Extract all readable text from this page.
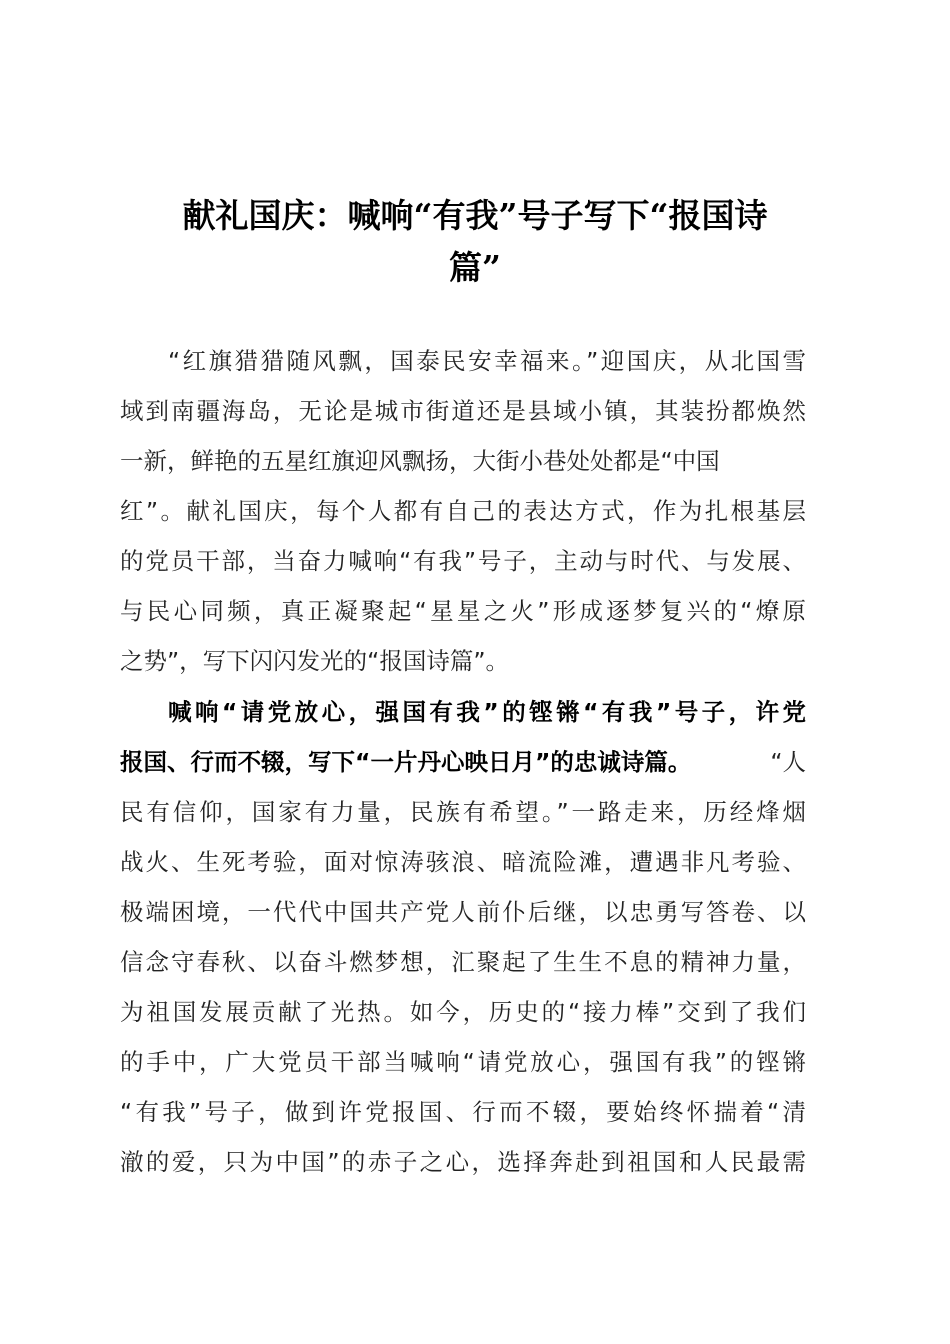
献礼国庆：喊响“有我”号子写下“报国诗
篇”
“红旗猎猎随风飘，国泰民安幸福来。”迎国庆，从北国雪
域到南疆海岛，无论是城市街道还是县域小镇，其装扮都焕然
一新，鲜艳的五星红旗迎风飘扬，大街小巷处处都是“中国
红”。献礼国庆，每个人都有自己的表达方式，作为扎根基层
的党员干部，当奋力喊响“有我”号子，主动与时代、与发展、
与民心同频，真正凝聚起“星星之火”形成逐梦复兴的“燎原
之势”，写下闪闪发光的“报国诗篇”。
喊响“请党放心，强国有我”的铿锵“有我”号子，许党
报国、行而不辍，写下“一片丹心映日月”的忠诚诗篇。	“人
民有信仰，国家有力量，民族有希望。”一路走来，历经烽烟
战火、生死考验，面对惊涛骇浪、暗流险滩，遭遇非凡考验、
极端困境，一代代中国共产党人前仆后继，以忠勇写答卷、以
信念守春秋、以奋斗燃梦想，汇聚起了生生不息的精神力量，
为祖国发展贡献了光热。如今，历史的“接力棒”交到了我们
的手中，广大党员干部当喊响“请党放心，强国有我”的铿锵
“有我”号子，做到许党报国、行而不辍，要始终怀揣着“清
澈的爱，只为中国”的赤子之心，选择奔赴到祖国和人民最需
